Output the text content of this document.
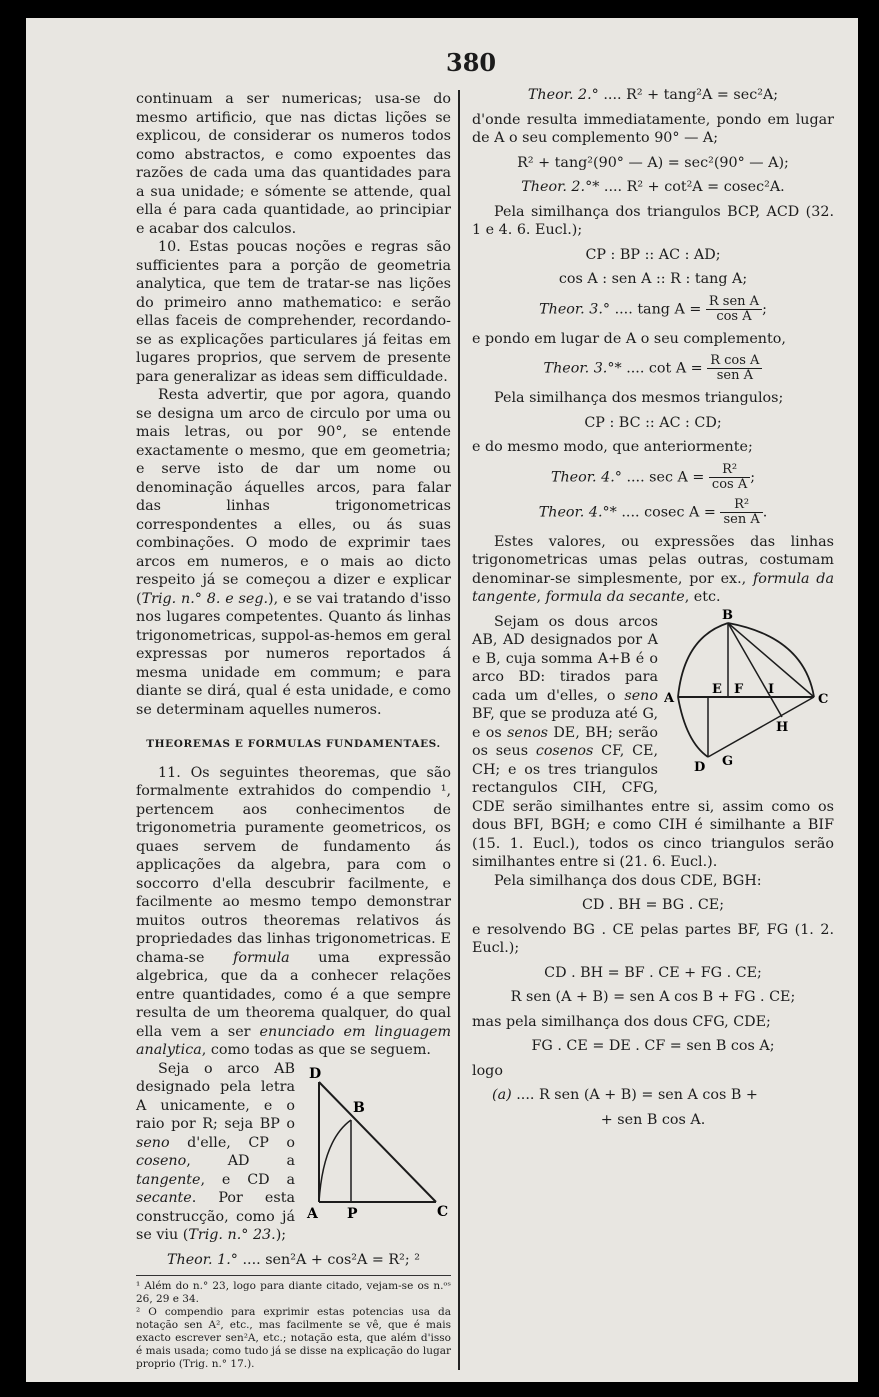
380

continuam a ser numericas; usa-se do mesmo artificio, que nas dictas lições se explicou, de considerar os numeros todos como abstractos, e como expoentes das razões de cada uma das quantidades para a sua unidade; e sómente se attende, qual ella é para cada quantidade, ao principiar e acabar dos calculos.

10. Estas poucas noções e regras são sufficientes para a porção de geometria analytica, que tem de tratar-se nas lições do primeiro anno mathematico: e serão ellas faceis de comprehender, recordando-se as explicações particulares já feitas em lugares proprios, que servem de presente para generalizar as ideas sem difficuldade.

Resta advertir, que por agora, quando se designa um arco de circulo por uma ou mais letras, ou por 90°, se entende exactamente o mesmo, que em geometria; e serve isto de dar um nome ou denominação áquelles arcos, para falar das linhas trigonometricas correspondentes a elles, ou ás suas combinações. O modo de exprimir taes arcos em numeros, e o mais ao dicto respeito já se começou a dizer e explicar (Trig. n.° 8. e seg.), e se vai tratando d'isso nos lugares competentes. Quanto ás linhas trigonometricas, suppol-as-hemos em geral expressas por numeros reportados á mesma unidade em commum; e para diante se dirá, qual é esta unidade, e como se determinam aquelles numeros.

THEOREMAS E FORMULAS FUNDAMENTAES.

11. Os seguintes theoremas, que são formalmente extrahidos do compendio ¹, pertencem aos conhecimentos de trigonometria puramente geometricos, os quaes servem de fundamento ás applicações da algebra, para com o soccorro d'ella descubrir facilmente, e facilmente ao mesmo tempo demonstrar muitos outros theoremas relativos ás propriedades das linhas trigonometricas. E chama-se formula uma expressão algebrica, que da a conhecer relações entre quantidades, como é a que sempre resulta de um theorema qualquer, do qual ella vem a ser enunciado em linguagem analytica, como todas as que se seguem.

D
B
A P	C

Seja o arco AB designado pela letra A unicamente, e o raio por R; seja BP o seno d'elle, CP o coseno, AD a tangente, e CD a secante. Por esta construcção, como já se viu (Trig. n.° 23.);

Theor. 1.° .... sen²A + cos²A = R²; ²

¹ Além do n.° 23, logo para diante citado, vejam-se os n.ᵒˢ 26, 29 e 34.

² O compendio para exprimir estas potencias usa da notação sen A², etc., mas facilmente se vê, que é mais exacto escrever sen²A, etc.; notação esta, que além d'isso é mais usada; como tudo já se disse na explicação do lugar proprio (Trig. n.° 17.).

Theor. 2.° .... R² + tang²A = sec²A;

d'onde resulta immediatamente, pondo em lugar de A o seu complemento 90° — A;

R² + tang²(90° — A) = sec²(90° — A);

Theor. 2.°* .... R² + cot²A = cosec²A.

Pela similhança dos triangulos BCP, ACD (32. 1 e 4. 6. Eucl.);

CP : BP :: AC : AD;

cos A : sen A :: R : tang A;

Theor. 3.° .... tang $A = \frac{\text{R sen A}}{\text{cos A}}$ ;

e pondo em lugar de A o seu complemento,

Theor. 3.°* .... $\cot A = \frac{\text{R cos A}}{\text{sen A}}$

Pela similhança dos mesmos triangulos;

CP : BC :: AC : CD;

e do mesmo modo, que anteriormente;

Theor. 4.° .... $\sec A = \frac{\text{R²}}{\text{cos A}}$ ;

Theor. 4.°* .... cosec $A = \frac{\text{R²}}{\text{sen A}}$ .

Estes valores, ou expressões das linhas trigonometricas umas pelas outras, costumam denominar-se simplesmente, por ex., formula da tangente, formula da secante, etc.

B
A
E F I
C
H
D G

Sejam os dous arcos AB, AD designados por A e B, cuja somma A+B é o arco BD: tirados para cada um d'elles, o seno BF, que se produza até G, e os senos DE, BH; serão os seus cosenos CF, CE, CH; e os tres triangulos rectangulos CIH, CFG, CDE serão similhantes entre si, assim como os dous BFI, BGH; e como CIH é similhante a BIF (15. 1. Eucl.), todos os cinco triangulos serão similhantes entre si (21. 6. Eucl.).

Pela similhança dos dous CDE, BGH:

CD . BH = BG . CE;

e resolvendo BG . CE pelas partes BF, FG (1. 2. Eucl.);

CD . BH = BF . CE + FG . CE;

R sen (A + B) = sen A cos B + FG . CE;

mas pela similhança dos dous CFG, CDE;

FG . CE = DE . CF = sen B cos A;

logo

(a) .... R sen (A + B) = sen A cos B +

+ sen B cos A.
